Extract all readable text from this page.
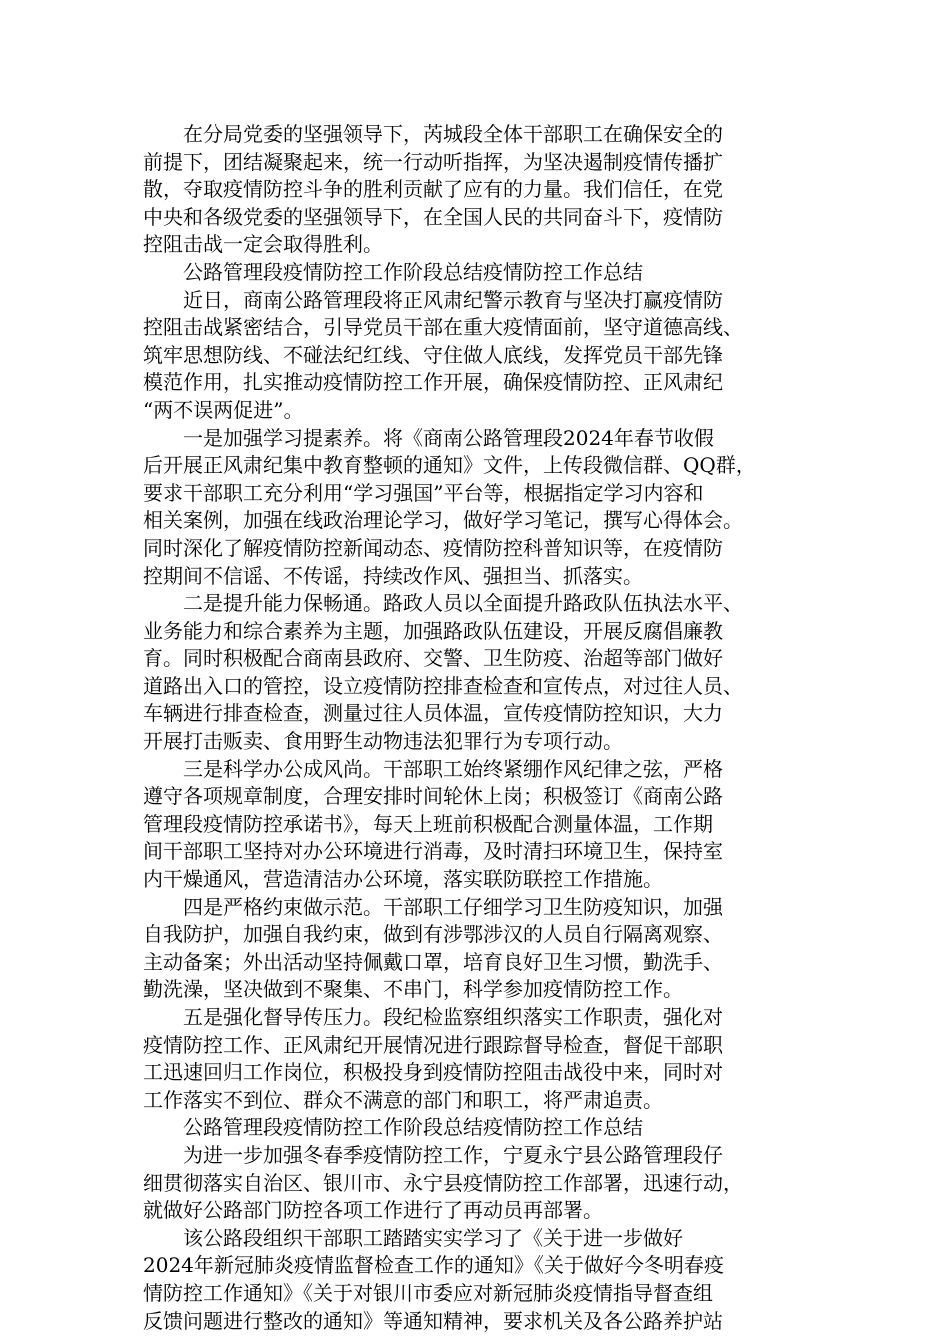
在分局党委的坚强领导下，芮城段全体干部职工在确保安全的
前提下，团结凝聚起来，统一行动听指挥，为坚决遏制疫情传播扩
散，夺取疫情防控斗争的胜利贡献了应有的力量。我们信任，在党
中央和各级党委的坚强领导下，在全国人民的共同奋斗下，疫情防
控阻击战一定会取得胜利。

公路管理段疫情防控工作阶段总结疫情防控工作总结

近日，商南公路管理段将正风肃纪警示教育与坚决打赢疫情防
控阻击战紧密结合，引导党员干部在重大疫情面前，坚守道德高线、
筑牢思想防线、不碰法纪红线、守住做人底线，发挥党员干部先锋
模范作用，扎实推动疫情防控工作开展，确保疫情防控、正风肃纪
“两不误两促进”。

一是加强学习提素养。将《商南公路管理段2024年春节收假
后开展正风肃纪集中教育整顿的通知》文件，上传段微信群、QQ群，
要求干部职工充分利用“学习强国”平台等，根据指定学习内容和
相关案例，加强在线政治理论学习，做好学习笔记，撰写心得体会。
同时深化了解疫情防控新闻动态、疫情防控科普知识等，在疫情防
控期间不信谣、不传谣，持续改作风、强担当、抓落实。

二是提升能力保畅通。路政人员以全面提升路政队伍执法水平、
业务能力和综合素养为主题，加强路政队伍建设，开展反腐倡廉教
育。同时积极配合商南县政府、交警、卫生防疫、治超等部门做好
道路出入口的管控，设立疫情防控排查检查和宣传点，对过往人员、
车辆进行排查检查，测量过往人员体温，宣传疫情防控知识，大力
开展打击贩卖、食用野生动物违法犯罪行为专项行动。

三是科学办公成风尚。干部职工始终紧绷作风纪律之弦，严格
遵守各项规章制度，合理安排时间轮休上岗；积极签订《商南公路
管理段疫情防控承诺书》，每天上班前积极配合测量体温，工作期
间干部职工坚持对办公环境进行消毒，及时清扫环境卫生，保持室
内干燥通风，营造清洁办公环境，落实联防联控工作措施。

四是严格约束做示范。干部职工仔细学习卫生防疫知识，加强
自我防护，加强自我约束，做到有涉鄂涉汉的人员自行隔离观察、
主动备案；外出活动坚持佩戴口罩，培育良好卫生习惯，勤洗手、
勤洗澡，坚决做到不聚集、不串门，科学参加疫情防控工作。

五是强化督导传压力。段纪检监察组织落实工作职责，强化对
疫情防控工作、正风肃纪开展情况进行跟踪督导检查，督促干部职
工迅速回归工作岗位，积极投身到疫情防控阻击战役中来，同时对
工作落实不到位、群众不满意的部门和职工，将严肃追责。

公路管理段疫情防控工作阶段总结疫情防控工作总结

为进一步加强冬春季疫情防控工作，宁夏永宁县公路管理段仔
细贯彻落实自治区、银川市、永宁县疫情防控工作部署，迅速行动，
就做好公路部门防控各项工作进行了再动员再部署。

该公路段组织干部职工踏踏实实学习了《关于进一步做好
2024年新冠肺炎疫情监督检查工作的通知》《关于做好今冬明春疫
情防控工作通知》《关于对银川市委应对新冠肺炎疫情指导督查组
反馈问题进行整改的通知》等通知精神，要求机关及各公路养护站
